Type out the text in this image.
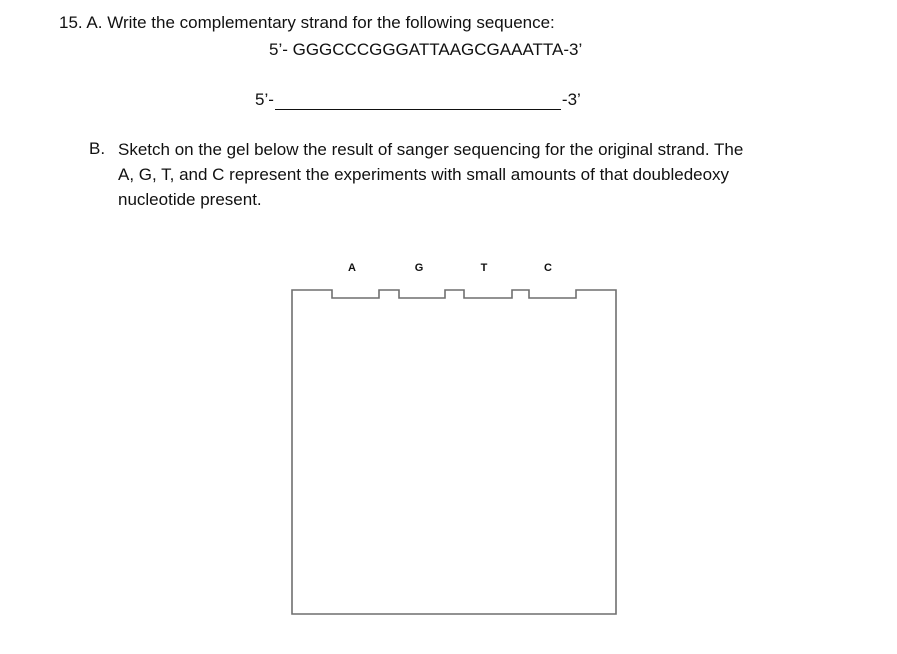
15. A. Write the complementary strand for the following sequence:
5’- GGGCCCGGGATTAAGCGAAATTA-3’
5’-	-3’
B. Sketch on the gel below the result of sanger sequencing for the original strand. The
A, G, T, and C represent the experiments with small amounts of that doubledeoxy
nucleotide present.
A	G	T	C
